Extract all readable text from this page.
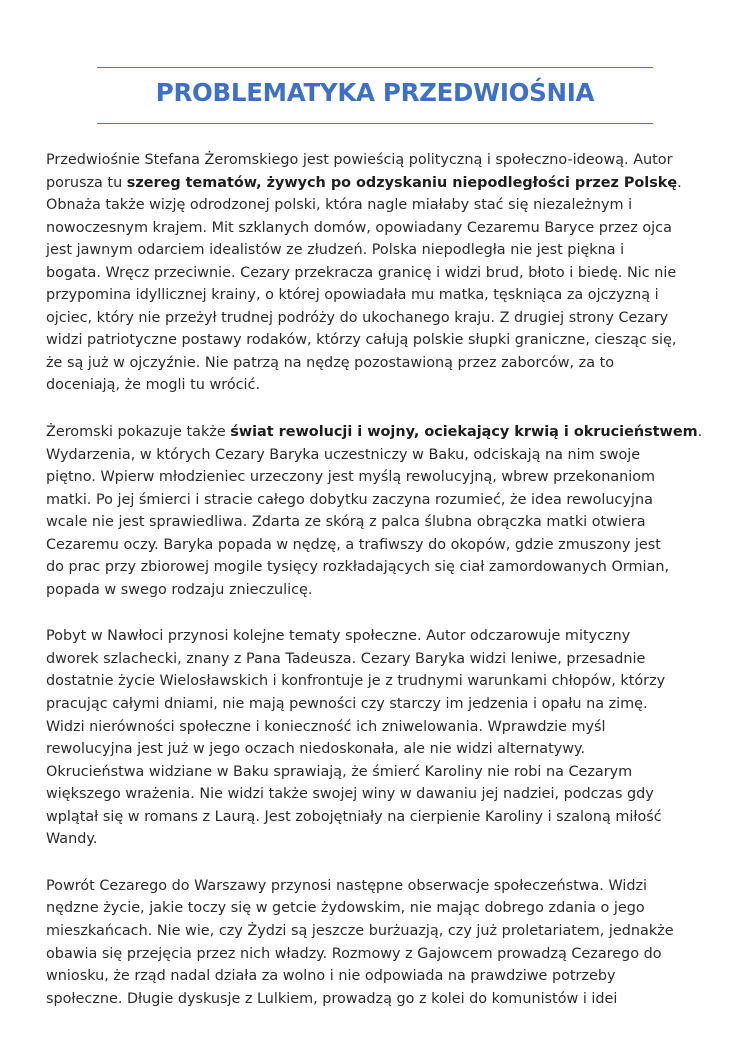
PROBLEMATYKA PRZEDWIOŚNIA

Przedwiośnie Stefana Żeromskiego jest powieścią polityczną i społeczno-ideową. Autor
porusza tu szereg tematów, żywych po odzyskaniu niepodległości przez Polskę.
Obnaża także wizję odrodzonej polski, która nagle miałaby stać się niezależnym i
nowoczesnym krajem. Mit szklanych domów, opowiadany Cezaremu Baryce przez ojca
jest jawnym odarciem idealistów ze złudzeń. Polska niepodległa nie jest piękna i
bogata. Wręcz przeciwnie. Cezary przekracza granicę i widzi brud, błoto i biedę. Nic nie
przypomina idyllicznej krainy, o której opowiadała mu matka, tęskniąca za ojczyzną i
ojciec, który nie przeżył trudnej podróży do ukochanego kraju. Z drugiej strony Cezary
widzi patriotyczne postawy rodaków, którzy całują polskie słupki graniczne, ciesząc się,
że są już w ojczyźnie. Nie patrzą na nędzę pozostawioną przez zaborców, za to
doceniają, że mogli tu wrócić.

Żeromski pokazuje także świat rewolucji i wojny, ociekający krwią i okrucieństwem.
Wydarzenia, w których Cezary Baryka uczestniczy w Baku, odciskają na nim swoje
piętno. Wpierw młodzieniec urzeczony jest myślą rewolucyjną, wbrew przekonaniom
matki. Po jej śmierci i stracie całego dobytku zaczyna rozumieć, że idea rewolucyjna
wcale nie jest sprawiedliwa. Zdarta ze skórą z palca ślubna obrączka matki otwiera
Cezaremu oczy. Baryka popada w nędzę, a trafiwszy do okopów, gdzie zmuszony jest
do prac przy zbiorowej mogile tysięcy rozkładających się ciał zamordowanych Ormian,
popada w swego rodzaju znieczulicę.

Pobyt w Nawłoci przynosi kolejne tematy społeczne. Autor odczarowuje mityczny
dworek szlachecki, znany z Pana Tadeusza. Cezary Baryka widzi leniwe, przesadnie
dostatnie życie Wielosławskich i konfrontuje je z trudnymi warunkami chłopów, którzy
pracując całymi dniami, nie mają pewności czy starczy im jedzenia i opału na zimę.
Widzi nierówności społeczne i konieczność ich zniwelowania. Wprawdzie myśl
rewolucyjna jest już w jego oczach niedoskonała, ale nie widzi alternatywy.
Okrucieństwa widziane w Baku sprawiają, że śmierć Karoliny nie robi na Cezarym
większego wrażenia. Nie widzi także swojej winy w dawaniu jej nadziei, podczas gdy
wplątał się w romans z Laurą. Jest zobojętniały na cierpienie Karoliny i szaloną miłość
Wandy.

Powrót Cezarego do Warszawy przynosi następne obserwacje społeczeństwa. Widzi
nędzne życie, jakie toczy się w getcie żydowskim, nie mając dobrego zdania o jego
mieszkańcach. Nie wie, czy Żydzi są jeszcze burżuazją, czy już proletariatem, jednakże
obawia się przejęcia przez nich władzy. Rozmowy z Gajowcem prowadzą Cezarego do
wniosku, że rząd nadal działa za wolno i nie odpowiada na prawdziwe potrzeby
społeczne. Długie dyskusje z Lulkiem, prowadzą go z kolei do komunistów i idei
